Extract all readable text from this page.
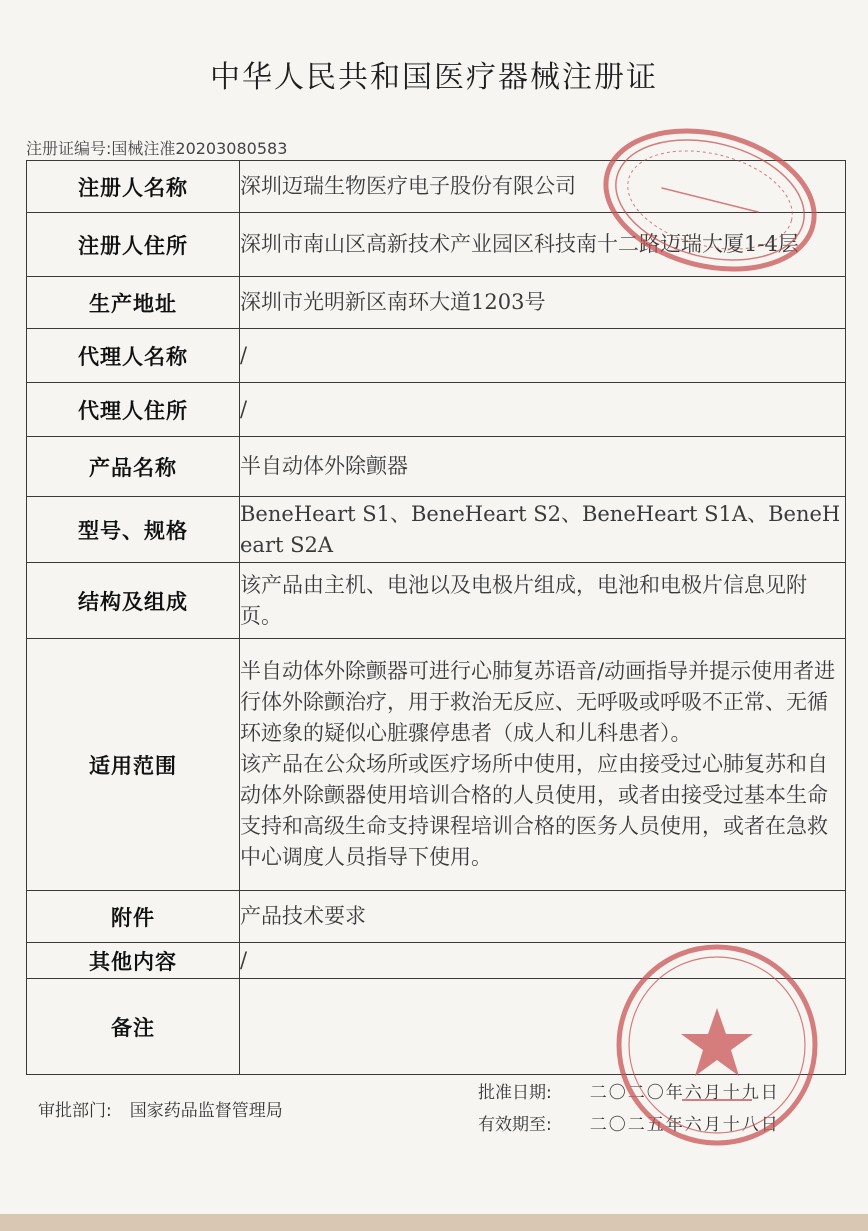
中华人民共和国医疗器械注册证
注册证编号:国械注准20203080583
注册人名称	深圳迈瑞生物医疗电子股份有限公司
注册人住所	深圳市南山区高新技术产业园区科技南十二路迈瑞大厦1-4层
生产地址	深圳市光明新区南环大道1203号
代理人名称	/
代理人住所	/
产品名称	半自动体外除颤器
型号、规格	BeneHeart S1、BeneHeart S2、BeneHeart S1A、BeneHeart S2A
结构及组成	该产品由主机、电池以及电极片组成，电池和电极片信息见附页。
适用范围	半自动体外除颤器可进行心肺复苏语音/动画指导并提示使用者进行体外除颤治疗，用于救治无反应、无呼吸或呼吸不正常、无循环迹象的疑似心脏骤停患者（成人和儿科患者）。
该产品在公众场所或医疗场所中使用，应由接受过心肺复苏和自动体外除颤器使用培训合格的人员使用，或者由接受过基本生命支持和高级生命支持课程培训合格的医务人员使用，或者在急救中心调度人员指导下使用。

附件	产品技术要求
其他内容	/
备注	
审批部门: 国家药品监督管理局
批准日期: 二〇二〇年六月十九日
有效期至: 二〇二五年六月十八日
